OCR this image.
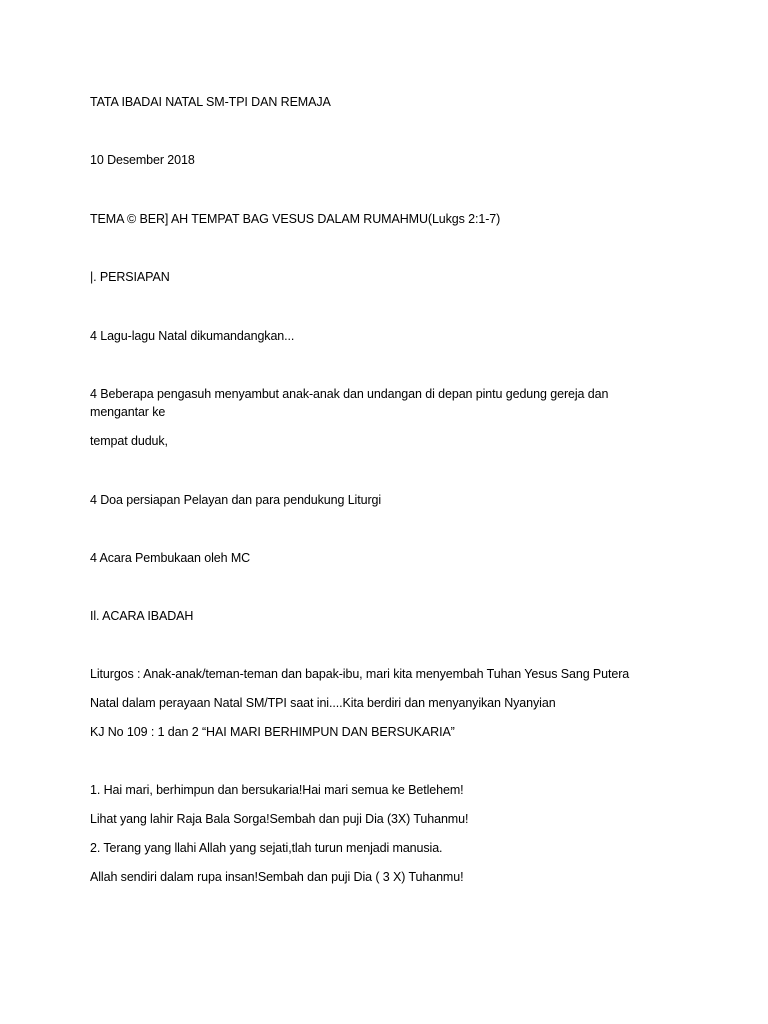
TATA IBADAI NATAL SM-TPI DAN REMAJA
10 Desember 2018
TEMA © BER] AH TEMPAT BAG VESUS DALAM RUMAHMU(Lukgs 2:1-7)
|. PERSIAPAN
4 Lagu-lagu Natal dikumandangkan...
4 Beberapa pengasuh menyambut anak-anak dan undangan di depan pintu gedung gereja dan
mengantar ke
tempat duduk,
4 Doa persiapan Pelayan dan para pendukung Liturgi
4 Acara Pembukaan oleh MC
Il. ACARA IBADAH
Liturgos : Anak-anak/teman-teman dan bapak-ibu, mari kita menyembah Tuhan Yesus Sang Putera
Natal dalam perayaan Natal SM/TPI saat ini....Kita berdiri dan menyanyikan Nyanyian
KJ No 109 : 1 dan 2 “HAI MARI BERHIMPUN DAN BERSUKARIA”
1. Hai mari, berhimpun dan bersukaria!Hai mari semua ke Betlehem!
Lihat yang lahir Raja Bala Sorga!Sembah dan puji Dia (3X) Tuhanmu!
2. Terang yang llahi Allah yang sejati,tlah turun menjadi manusia.
Allah sendiri dalam rupa insan!Sembah dan puji Dia ( 3 X) Tuhanmu!
